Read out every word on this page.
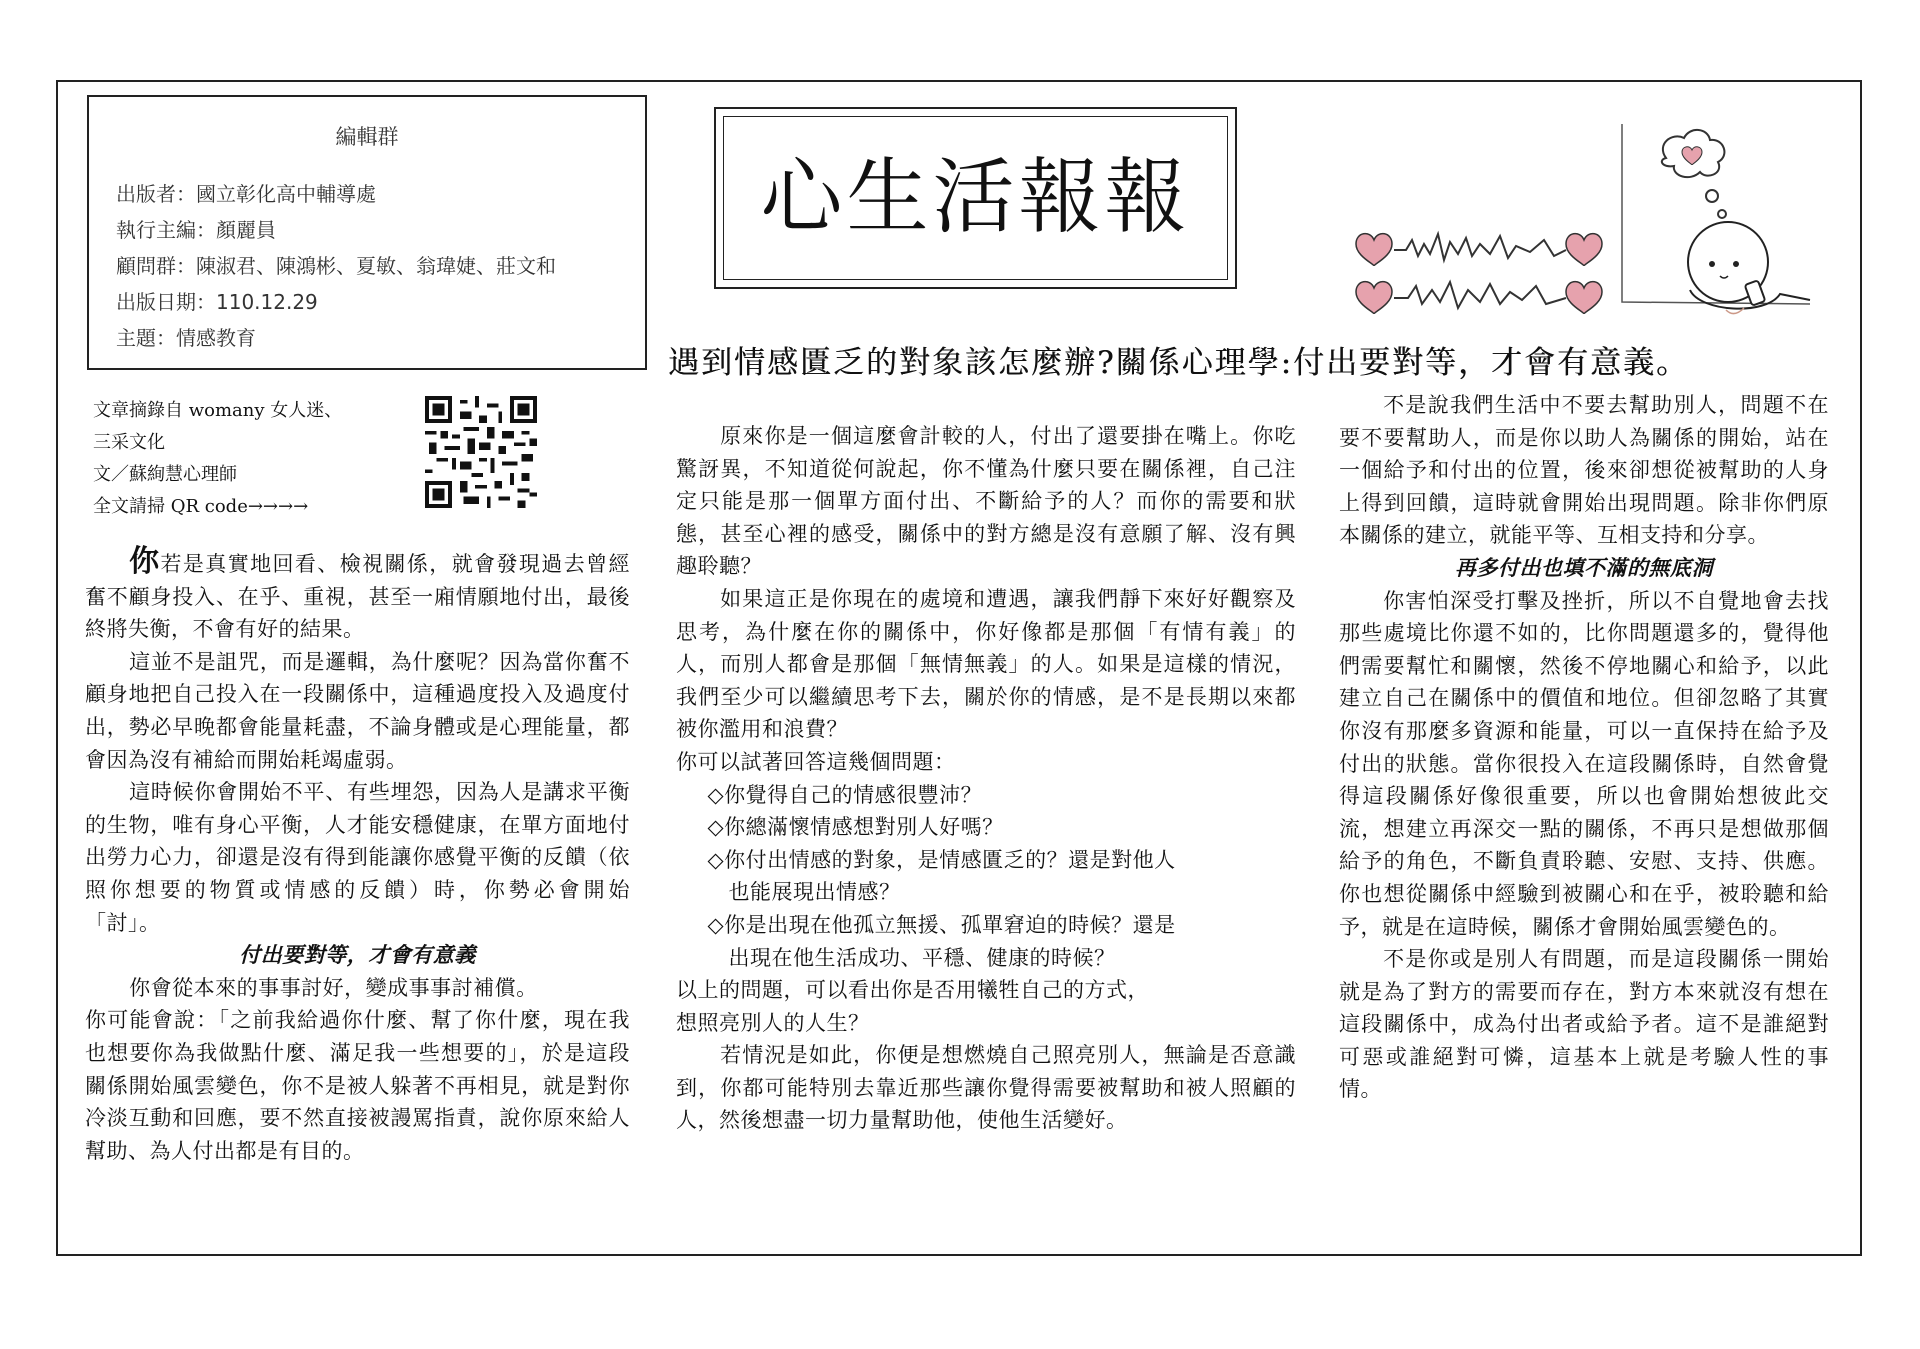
編輯群
出版者：國立彰化高中輔導處
執行主編：顏麗員
顧問群：陳淑君、陳鴻彬、夏敏、翁瑋婕、莊文和
出版日期：110.12.29
主題：情感教育
心生活報報
遇到情感匱乏的對象該怎麼辦?關係心理學:付出要對等，才會有意義。
文章摘錄自 womany 女人迷、
三采文化
文／蘇絢慧心理師
全文請掃 QR code→→→→

你若是真實地回看、檢視關係，就會發現過去曾經奮不顧身投入、在乎、重視，甚至一廂情願地付出，最後終將失衡，不會有好的結果。

這並不是詛咒，而是邏輯，為什麼呢？因為當你奮不顧身地把自己投入在一段關係中，這種過度投入及過度付出，勢必早晚都會能量耗盡，不論身體或是心理能量，都會因為沒有補給而開始耗竭虛弱。

這時候你會開始不平、有些埋怨，因為人是講求平衡的生物，唯有身心平衡，人才能安穩健康，在單方面地付出勞力心力，卻還是沒有得到能讓你感覺平衡的反饋（依照你想要的物質或情感的反饋）時，你勢必會開始「討」。

付出要對等，才會有意義

你會從本來的事事討好，變成事事討補償。

你可能會說：「之前我給過你什麼、幫了你什麼，現在我也想要你為我做點什麼、滿足我一些想要的」，於是這段關係開始風雲變色，你不是被人躲著不再相見，就是對你冷淡互動和回應，要不然直接被謾罵指責，說你原來給人幫助、為人付出都是有目的。

原來你是一個這麼會計較的人，付出了還要掛在嘴上。你吃驚訝異，不知道從何說起，你不懂為什麼只要在關係裡，自己注定只能是那一個單方面付出、不斷給予的人？而你的需要和狀態，甚至心裡的感受，關係中的對方總是沒有意願了解、沒有興趣聆聽？

如果這正是你現在的處境和遭遇，讓我們靜下來好好觀察及思考，為什麼在你的關係中，你好像都是那個「有情有義」的人，而別人都會是那個「無情無義」的人。如果是這樣的情況，我們至少可以繼續思考下去，關於你的情感，是不是長期以來都被你濫用和浪費？

你可以試著回答這幾個問題：

◇你覺得自己的情感很豐沛？

◇你總滿懷情感想對別人好嗎？

◇你付出情感的對象，是情感匱乏的？還是對他人

也能展現出情感？

◇你是出現在他孤立無援、孤單窘迫的時候？還是

出現在他生活成功、平穩、健康的時候？

以上的問題，可以看出你是否用犧牲自己的方式，

想照亮別人的人生？

若情況是如此，你便是想燃燒自己照亮別人，無論是否意識到，你都可能特別去靠近那些讓你覺得需要被幫助和被人照顧的人，然後想盡一切力量幫助他，使他生活變好。

不是說我們生活中不要去幫助別人，問題不在要不要幫助人，而是你以助人為關係的開始，站在一個給予和付出的位置，後來卻想從被幫助的人身上得到回饋，這時就會開始出現問題。除非你們原本關係的建立，就能平等、互相支持和分享。

再多付出也填不滿的無底洞

你害怕深受打擊及挫折，所以不自覺地會去找那些處境比你還不如的，比你問題還多的，覺得他們需要幫忙和關懷，然後不停地關心和給予，以此建立自己在關係中的價值和地位。但卻忽略了其實你沒有那麼多資源和能量，可以一直保持在給予及付出的狀態。當你很投入在這段關係時，自然會覺得這段關係好像很重要，所以也會開始想彼此交流，想建立再深交一點的關係，不再只是想做那個給予的角色，不斷負責聆聽、安慰、支持、供應。你也想從關係中經驗到被關心和在乎，被聆聽和給予，就是在這時候，關係才會開始風雲變色的。

不是你或是別人有問題，而是這段關係一開始就是為了對方的需要而存在，對方本來就沒有想在這段關係中，成為付出者或給予者。這不是誰絕對可惡或誰絕對可憐，這基本上就是考驗人性的事情。
